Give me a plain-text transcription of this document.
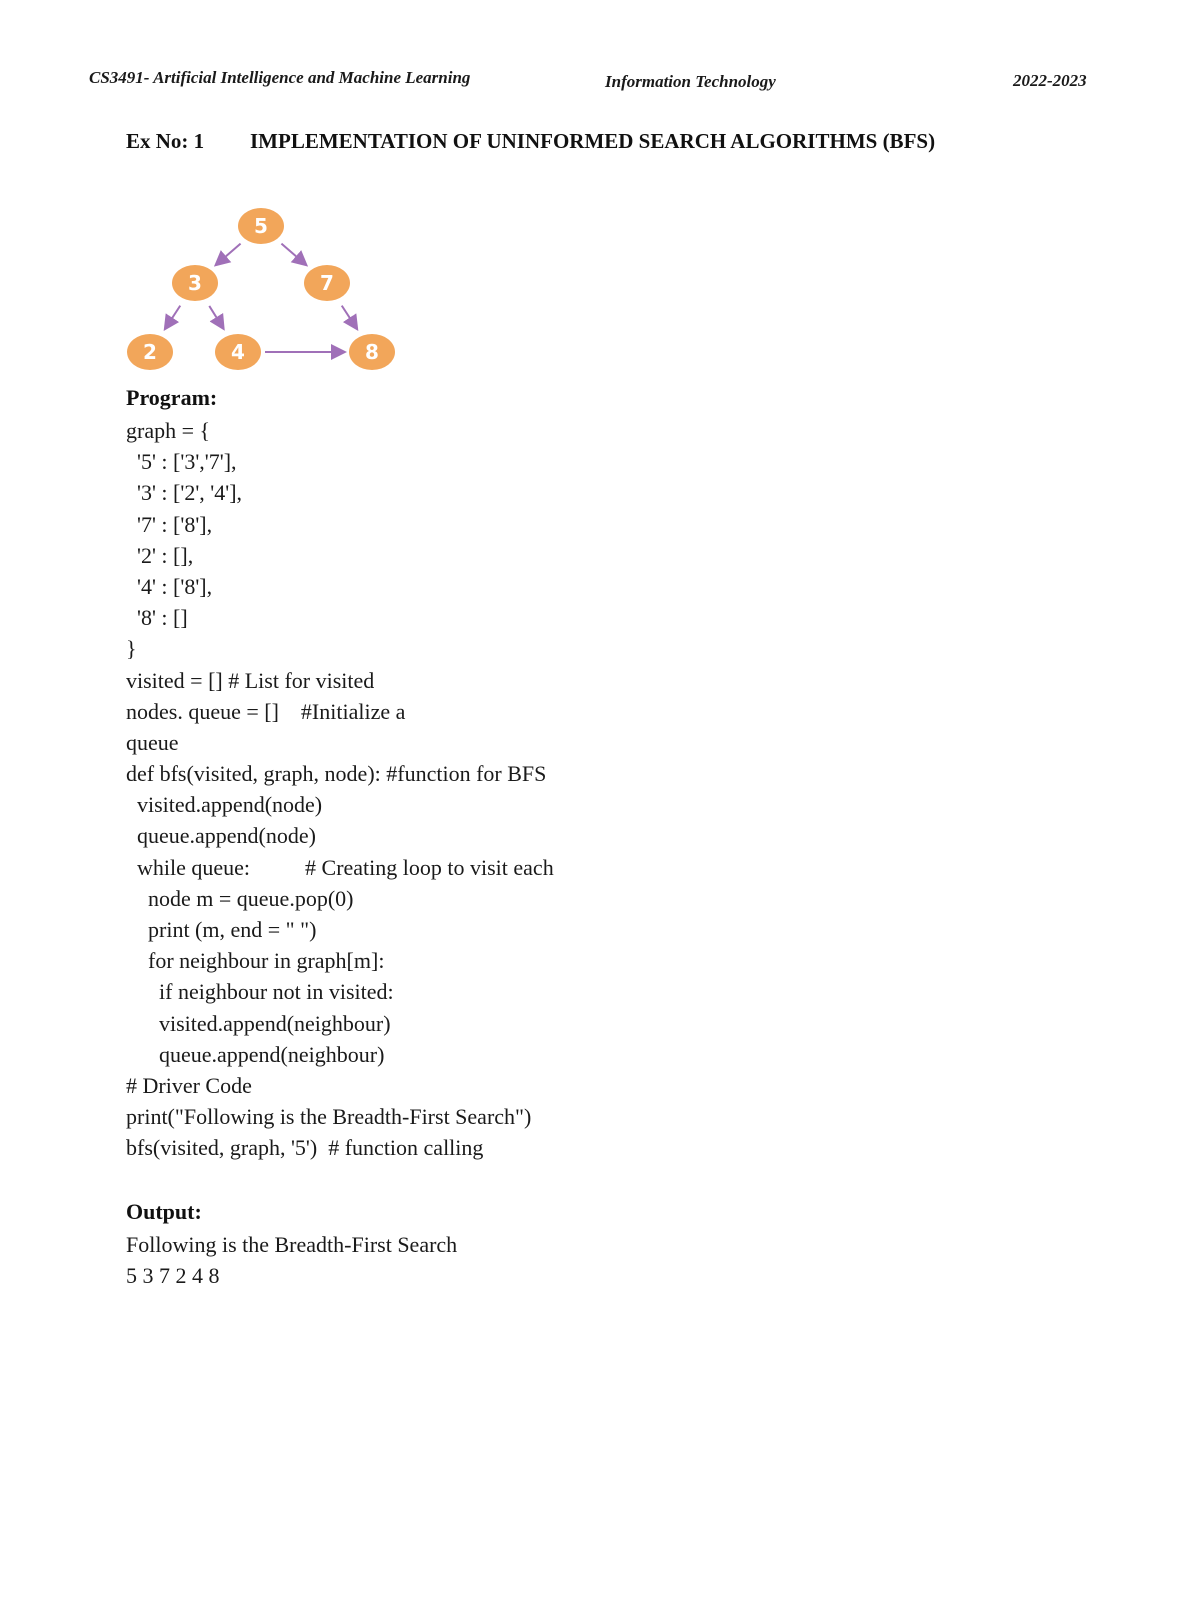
CS3491- Artificial Intelligence and Machine Learning	Information Technology	2022-2023
Ex No: 1 IMPLEMENTATION OF UNINFORMED SEARCH ALGORITHMS (BFS)
5
3	7
2	4	8
Program:
graph = {
'5' : ['3','7'],
'3' : ['2', '4'],
'7' : ['8'],
'2' : [],
'4' : ['8'],
'8' : []
}
visited = [] # List for visited
nodes. queue = []    #Initialize a
queue
def bfs(visited, graph, node): #function for BFS
visited.append(node)
queue.append(node)
while queue:          # Creating loop to visit each
node m = queue.pop(0)
print (m, end = " ")
for neighbour in graph[m]:
if neighbour not in visited:
visited.append(neighbour)
queue.append(neighbour)
# Driver Code
print("Following is the Breadth-First Search")
bfs(visited, graph, '5')  # function calling
Output:
Following is the Breadth-First Search
5 3 7 2 4 8
